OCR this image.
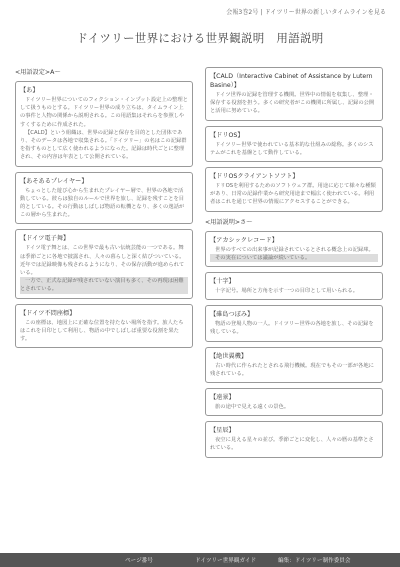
会報3巻2号 | ドイツリー世界の新しいタイムラインを見る
ドイツリー世界における世界観説明　用語説明
<用語設定>A〜
【あ】
ドイツリー世界についてのフィクション・インプット設定上の整理として扱うものとする。ドイツリー世界の成り立ちは、タイムライン上の事件と人物の関係から説明される。この用語集はそれらを参照しやすくするために作成された。
【CALD】という組織は、世界の記録と保存を目的とした団体であり、そのデータは各地で収集される。「ドイツリー」の名はこの記録群を指すものとして広く使われるようになった。記録は時代ごとに整理され、その内容は年表として公開されている。
【あそあるプレイヤー】
ちょっとした遊び心から生まれたプレイヤー層で、世界の各地で活動している。彼らは独自のルールで世界を旅し、記録を残すことを目的としている。その行動はしばしば物語の転機となり、多くの逸話がこの層から生まれた。
【ドイツ電子舞】
ドイツ電子舞とは、この世界で最も古い伝統芸能の一つである。舞は季節ごとに各地で披露され、人々の暮らしと深く結びついている。近年では記録映像も残されるようになり、その保存活動が進められている。
一方で、正式な記録が残されていない演目も多く、その再現は困難とされている。
【ドイツ不問座標】
この座標は、地図上に正確な位置を持たない場所を指す。旅人たちはこれを目印として利用し、物語の中でしばしば重要な役割を果たす。
【CALD（Interactive Cabinet of Assistance by Lutern Basine）】
ドイツ世界の記録を管理する機関。世界中の情報を収集し、整理・保存する役割を担う。多くの研究者がこの機関に所属し、記録の公開と活用に努めている。
【ドリOS】
ドイツリー世界で使われている基本的な仕組みの総称。多くのシステムがこれを基盤として動作している。
【ドリOSクライアントソフト】
ドリOSを利用するためのソフトウェア群。用途に応じて様々な種類があり、日常の記録作業から研究用途まで幅広く使われている。利用者はこれを通じて世界の情報にアクセスすることができる。
<用語説明>さ〜
【アカシックレコード】
世界のすべての出来事が記録されているとされる概念上の記録庫。
その実在については議論が続いている。
【十字】
十字記号。場所と方角を示す一つの目印として用いられる。
【碓島つぼみ】
物語の登場人物の一人。ドイツリー世界の各地を旅し、その記録を残している。
【絶世翼機】
古い時代に作られたとされる飛行機械。現在でもその一部が各地に残されている。
【遠景】
旅の途中で見える遠くの景色。
【星辰】
夜空に見える星々の並び。季節ごとに変化し、人々の暦の基準とされている。
ページ番号	ドイツリー世界観ガイド	編集：ドイツリー制作委員会
